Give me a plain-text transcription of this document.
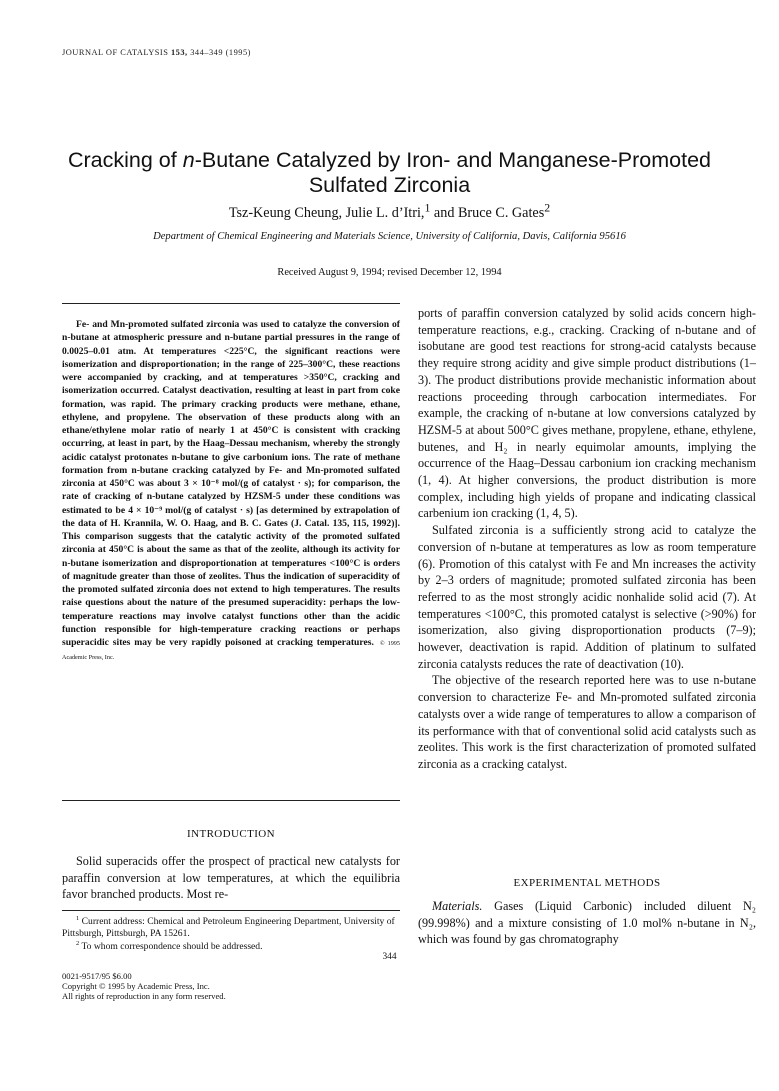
JOURNAL OF CATALYSIS 153, 344–349 (1995)
Cracking of n-Butane Catalyzed by Iron- and Manganese-Promoted
Sulfated Zirconia
Tsz-Keung Cheung, Julie L. d’Itri,$^1$ and Bruce C. Gates$^2$
Department of Chemical Engineering and Materials Science, University of California, Davis, California 95616
Received August 9, 1994; revised December 12, 1994

Fe- and Mn-promoted sulfated zirconia was used to catalyze the conversion of n-butane at atmospheric pressure and n-butane partial pressures in the range of 0.0025–0.01 atm. At temperatures <225°C, the significant reactions were isomerization and disproportionation; in the range of 225–300°C, these reactions were accompanied by cracking, and at temperatures >350°C, cracking and isomerization occurred. Catalyst deactivation, resulting at least in part from coke formation, was rapid. The primary cracking products were methane, ethane, ethylene, and propylene. The observation of these products along with an ethane/ethylene molar ratio of nearly 1 at 450°C is consistent with cracking occurring, at least in part, by the Haag–Dessau mechanism, whereby the strongly acidic catalyst protonates n-butane to give carbonium ions. The rate of methane formation from n-butane cracking catalyzed by Fe- and Mn-promoted sulfated zirconia at 450°C was about 3 × 10⁻⁸ mol/(g of catalyst · s); for comparison, the rate of cracking of n-butane catalyzed by HZSM-5 under these conditions was estimated to be 4 × 10⁻⁹ mol/(g of catalyst · s) [as determined by extrapolation of the data of H. Krannila, W. O. Haag, and B. C. Gates (J. Catal. 135, 115, 1992)]. This comparison suggests that the catalytic activity of the promoted sulfated zirconia at 450°C is about the same as that of the zeolite, although its activity for n-butane isomerization and disproportionation at temperatures <100°C is orders of magnitude greater than those of zeolites. Thus the indication of superacidity of the promoted sulfated zirconia does not extend to high temperatures. The results raise questions about the nature of the presumed superacidity: perhaps the low-temperature reactions may involve catalyst functions other than the acidic function responsible for high-temperature cracking reactions or perhaps superacidic sites may be very rapidly poisoned at cracking temperatures. © 1995 Academic Press, Inc.

INTRODUCTION

Solid superacids offer the prospect of practical new catalysts for paraffin conversion at low temperatures, at which the equilibria favor branched products. Most re-

$^1$ Current address: Chemical and Petroleum Engineering Department, University of Pittsburgh, Pittsburgh, PA 15261.

$^2$ To whom correspondence should be addressed.

344
0021-9517/95 $6.00
Copyright © 1995 by Academic Press, Inc.
All rights of reproduction in any form reserved.

ports of paraffin conversion catalyzed by solid acids concern high-temperature reactions, e.g., cracking. Cracking of n-butane and of isobutane are good test reactions for strong-acid catalysts because they require strong acidity and give simple product distributions (1–3). The product distributions provide mechanistic information about reactions proceeding through carbocation intermediates. For example, the cracking of n-butane at low conversions catalyzed by HZSM-5 at about 500°C gives methane, propylene, ethane, ethylene, butenes, and H₂ in nearly equimolar amounts, implying the occurrence of the Haag–Dessau carbonium ion cracking mechanism (1, 4). At higher conversions, the product distribution is more complex, including high yields of propane and indicating classical carbenium ion cracking (1, 4, 5).

Sulfated zirconia is a sufficiently strong acid to catalyze the conversion of n-butane at temperatures as low as room temperature (6). Promotion of this catalyst with Fe and Mn increases the activity by 2–3 orders of magnitude; promoted sulfated zirconia has been referred to as the most strongly acidic nonhalide solid acid (7). At temperatures <100°C, this promoted catalyst is selective (>90%) for isomerization, also giving disproportionation products (7–9); however, deactivation is rapid. Addition of platinum to sulfated zirconia catalysts reduces the rate of deactivation (10).

The objective of the research reported here was to use n-butane conversion to characterize Fe- and Mn-promoted sulfated zirconia catalysts over a wide range of temperatures to allow a comparison of its performance with that of conventional solid acid catalysts such as zeolites. This work is the first characterization of promoted sulfated zirconia as a cracking catalyst.

EXPERIMENTAL METHODS

Materials. Gases (Liquid Carbonic) included diluent N₂ (99.998%) and a mixture consisting of 1.0 mol% n-butane in N₂, which was found by gas chromatography
